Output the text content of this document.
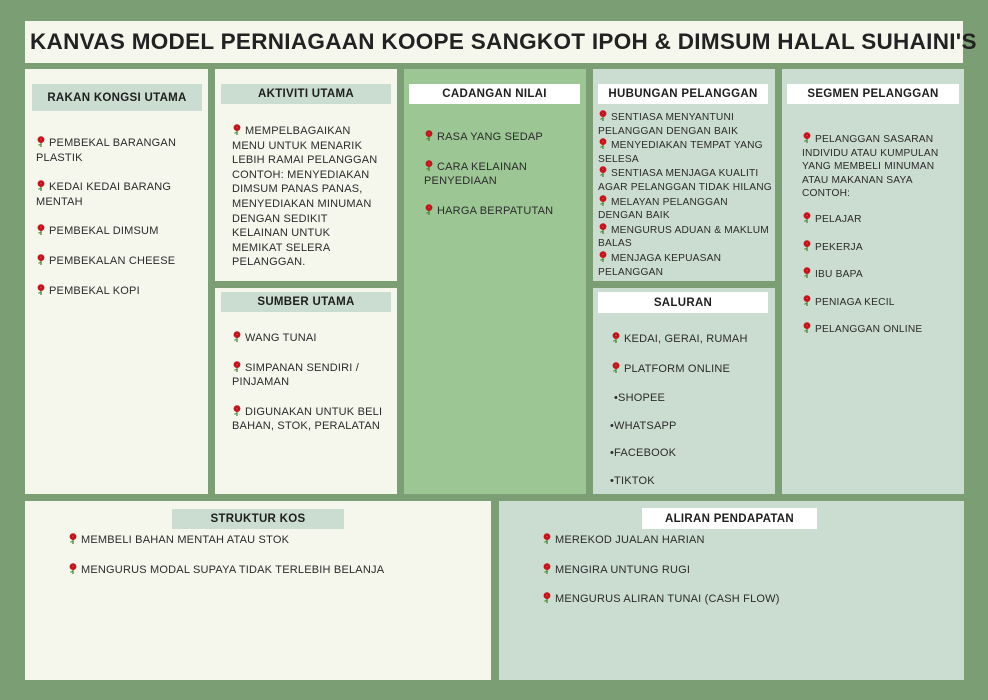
KANVAS MODEL PERNIAGAAN KOOPE SANGKOT IPOH & DIMSUM HALAL SUHAINI'S
RAKAN KONGSI UTAMA
PEMBEKAL BARANGAN PLASTIK
KEDAI KEDAI BARANG MENTAH
PEMBEKAL DIMSUM
PEMBEKALAN CHEESE
PEMBEKAL KOPI
AKTIVITI UTAMA
MEMPELBAGAIKAN MENU UNTUK MENARIK LEBIH RAMAI PELANGGAN CONTOH: MENYEDIAKAN DIMSUM PANAS PANAS, MENYEDIAKAN MINUMAN DENGAN SEDIKIT KELAINAN UNTUK MEMIKAT SELERA PELANGGAN.
SUMBER UTAMA
WANG TUNAI
SIMPANAN SENDIRI / PINJAMAN
DIGUNAKAN UNTUK BELI BAHAN, STOK, PERALATAN
CADANGAN NILAI
RASA YANG SEDAP
CARA KELAINAN PENYEDIAAN
HARGA BERPATUTAN
HUBUNGAN PELANGGAN
SENTIASA MENYANTUNI PELANGGAN DENGAN BAIK
MENYEDIAKAN TEMPAT YANG SELESA
SENTIASA MENJAGA KUALITI AGAR PELANGGAN TIDAK HILANG
MELAYAN PELANGGAN DENGAN BAIK
MENGURUS ADUAN & MAKLUM BALAS
MENJAGA KEPUASAN PELANGGAN
SALURAN
KEDAI, GERAI, RUMAH
PLATFORM ONLINE
•SHOPEE
•WHATSAPP
•FACEBOOK
•TIKTOK
SEGMEN PELANGGAN
PELANGGAN SASARAN INDIVIDU ATAU KUMPULAN YANG MEMBELI MINUMAN ATAU MAKANAN SAYA CONTOH:
PELAJAR
PEKERJA
IBU BAPA
PENIAGA KECIL
PELANGGAN ONLINE
STRUKTUR KOS
MEMBELI BAHAN MENTAH ATAU STOK
MENGURUS MODAL SUPAYA TIDAK TERLEBIH BELANJA
ALIRAN PENDAPATAN
MEREKOD JUALAN HARIAN
MENGIRA UNTUNG RUGI
MENGURUS ALIRAN TUNAI (CASH FLOW)
